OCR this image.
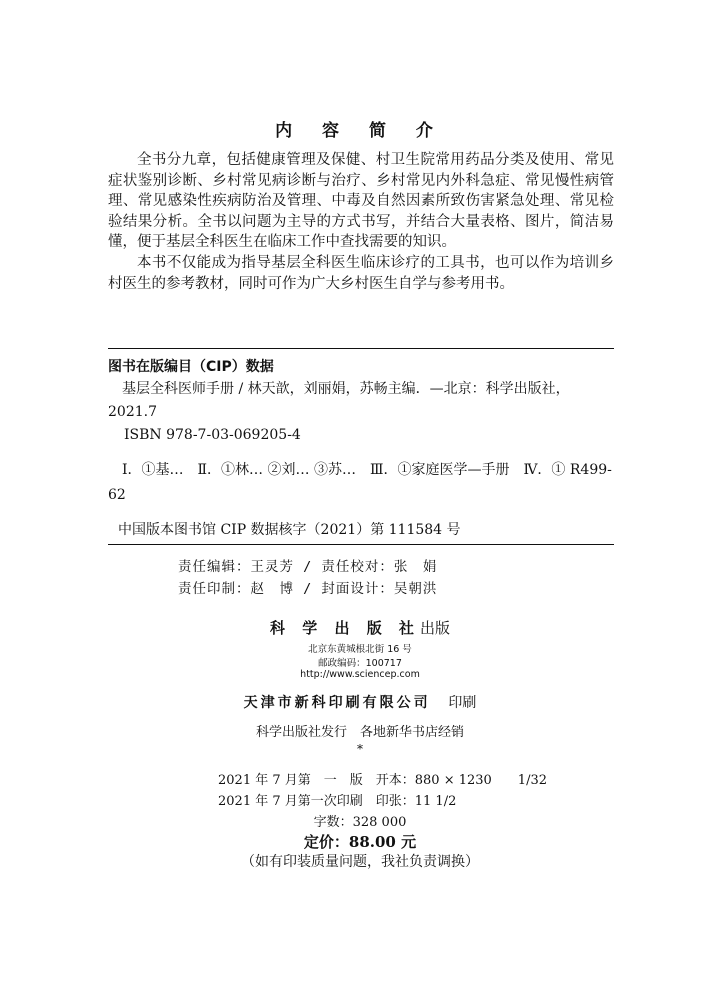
内 容 简 介
全书分九章，包括健康管理及保健、村卫生院常用药品分类及使用、常见症状鉴别诊断、乡村常见病诊断与治疗、乡村常见内外科急症、常见慢性病管理、常见感染性疾病防治及管理、中毒及自然因素所致伤害紧急处理、常见检验结果分析。全书以问题为主导的方式书写，并结合大量表格、图片，简洁易懂，便于基层全科医生在临床工作中查找需要的知识。
本书不仅能成为指导基层全科医生临床诊疗的工具书，也可以作为培训乡村医生的参考教材，同时可作为广大乡村医生自学与参考用书。
图书在版编目（CIP）数据
基层全科医师手册 / 林天歆，刘丽娟，苏畅主编．—北京：科学出版社，2021.7
ISBN 978-7-03-069205-4
Ⅰ．①基…　Ⅱ．①林… ②刘… ③苏…　Ⅲ．①家庭医学—手册　Ⅳ．① R499-62
中国版本图书馆 CIP 数据核字（2021）第 111584 号
责任编辑：王灵芳 / 责任校对：张　娟
责任印制：赵　博 / 封面设计：吴朝洪
科 学 出 版 社出版
北京东黄城根北街 16 号
邮政编码：100717
http://www.sciencep.com
天津市新科印刷有限公司 印刷
科学出版社发行　各地新华书店经销
*
2021 年 7 月第　一　版　开本：880 × 1230　　1/32
2021 年 7 月第一次印刷　印张：11 1/2
字数：328 000
定价：88.00 元
（如有印装质量问题，我社负责调换）
